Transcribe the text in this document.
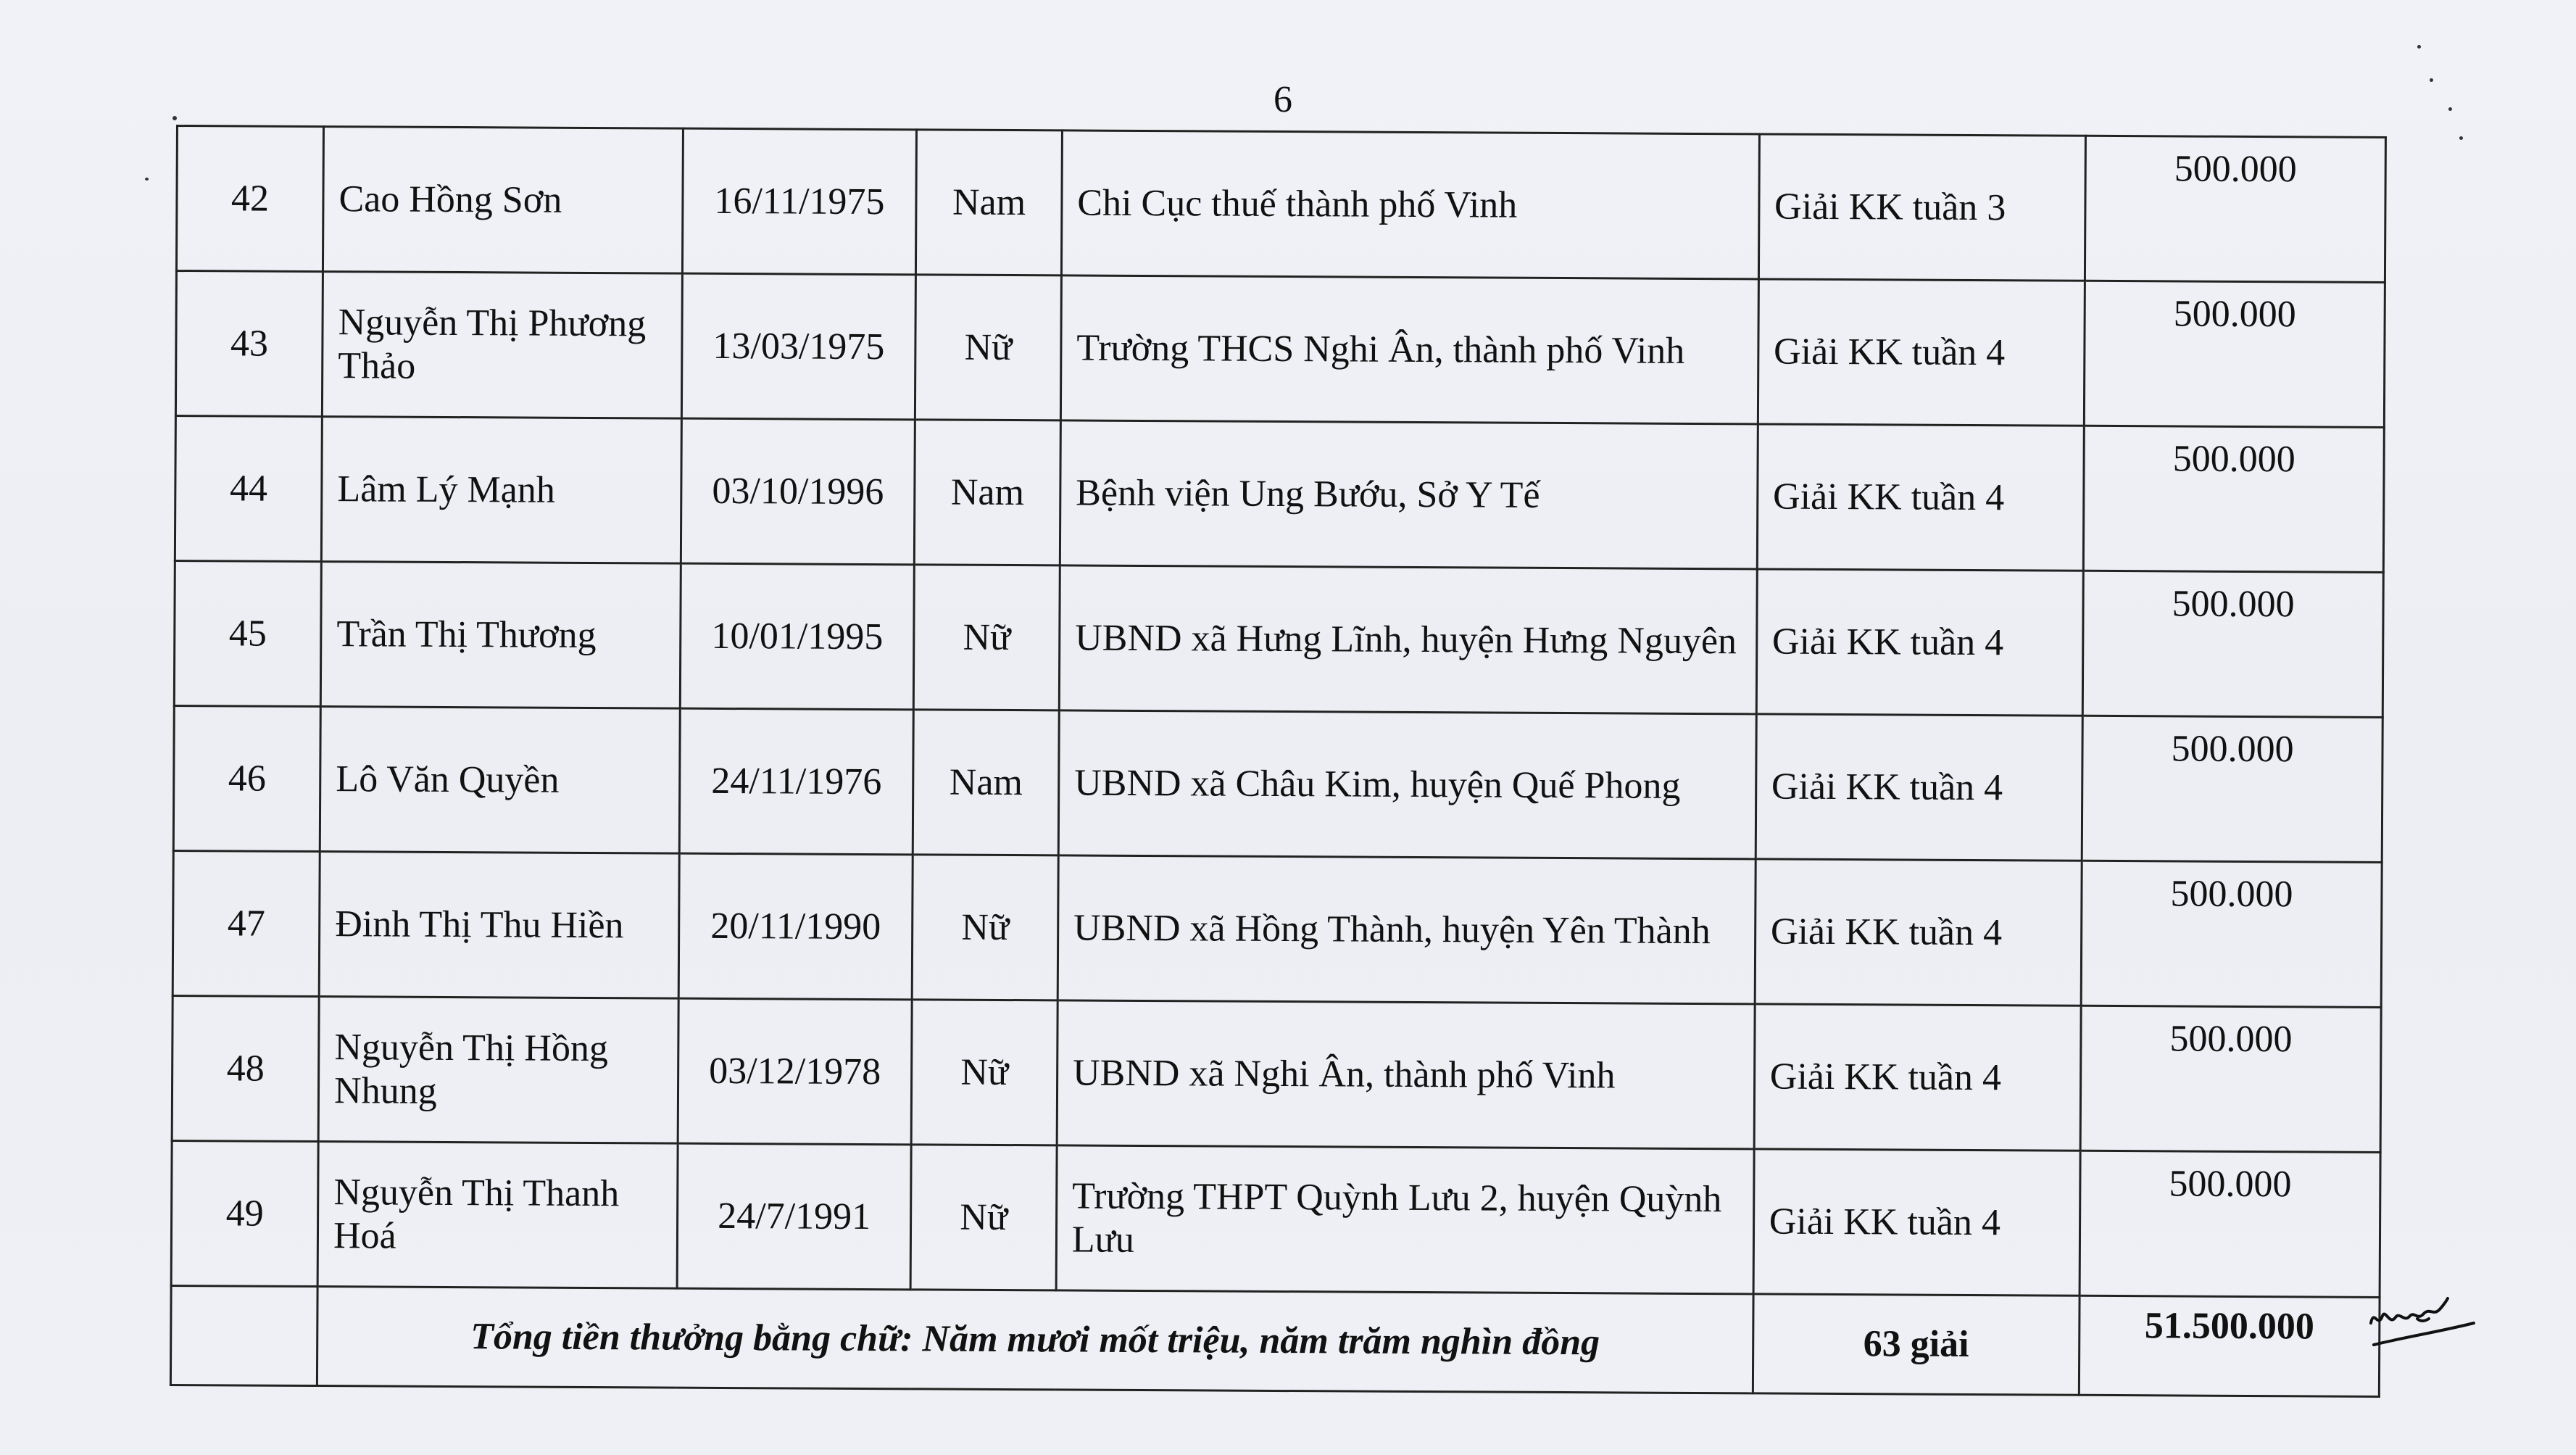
6
42	Cao Hồng Sơn	16/11/1975	Nam	Chi Cục thuế thành phố Vinh	Giải KK tuần 3	500.000
43	Nguyễn Thị Phương Thảo	13/03/1975	Nữ	Trường THCS Nghi Ân, thành phố Vinh	Giải KK tuần 4	500.000
44	Lâm Lý Mạnh	03/10/1996	Nam	Bệnh viện Ung Bướu, Sở Y Tế	Giải KK tuần 4	500.000
45	Trần Thị Thương	10/01/1995	Nữ	UBND xã Hưng Lĩnh, huyện Hưng Nguyên	Giải KK tuần 4	500.000
46	Lô Văn Quyền	24/11/1976	Nam	UBND xã Châu Kim, huyện Quế Phong	Giải KK tuần 4	500.000
47	Đinh Thị Thu Hiền	20/11/1990	Nữ	UBND xã Hồng Thành, huyện Yên Thành	Giải KK tuần 4	500.000
48	Nguyễn Thị Hồng Nhung	03/12/1978	Nữ	UBND xã Nghi Ân, thành phố Vinh	Giải KK tuần 4	500.000
49	Nguyễn Thị Thanh Hoá	24/7/1991	Nữ	Trường THPT Quỳnh Lưu 2, huyện Quỳnh Lưu	Giải KK tuần 4	500.000
	Tổng tiền thưởng bằng chữ: Năm mươi mốt triệu, năm trăm nghìn đồng				63 giải	51.500.000
